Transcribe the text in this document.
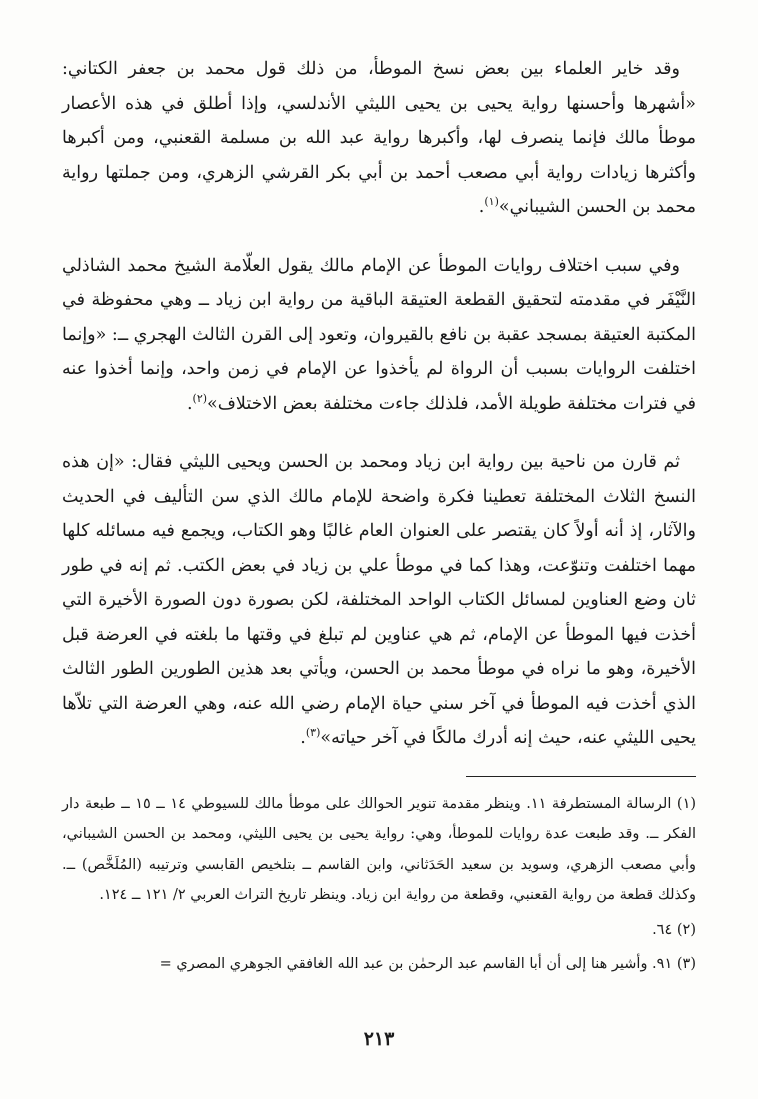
وقد خاير العلماء بين بعض نسخ الموطأ، من ذلك قول محمد بن جعفر الكتاني: «أشهرها وأحسنها رواية يحيى بن يحيى الليثي الأندلسي، وإذا أطلق في هذه الأعصار موطأ مالك فإنما ينصرف لها، وأكبرها رواية عبد الله بن مسلمة القعنبي، ومن أكبرها وأكثرها زيادات رواية أبي مصعب أحمد بن أبي بكر القرشي الزهري، ومن جملتها رواية محمد بن الحسن الشيباني»$^{(١)}$.

وفي سبب اختلاف روايات الموطأ عن الإمام مالك يقول العلّامة الشيخ محمد الشاذلي النَّيْفَر في مقدمته لتحقيق القطعة العتيقة الباقية من رواية ابن زياد ــ وهي محفوظة في المكتبة العتيقة بمسجد عقبة بن نافع بالقيروان، وتعود إلى القرن الثالث الهجري ــ: «وإنما اختلفت الروايات بسبب أن الرواة لم يأخذوا عن الإمام في زمن واحد، وإنما أخذوا عنه في فترات مختلفة طويلة الأمد، فلذلك جاءت مختلفة بعض الاختلاف»$^{(٢)}$.

ثم قارن من ناحية بين رواية ابن زياد ومحمد بن الحسن ويحيى الليثي فقال: «إن هذه النسخ الثلاث المختلفة تعطينا فكرة واضحة للإمام مالك الذي سن التأليف في الحديث والآثار، إذ أنه أولاً كان يقتصر على العنوان العام غالبًا وهو الكتاب، ويجمع فيه مسائله كلها مهما اختلفت وتنوّعت، وهذا كما في موطأ علي بن زياد في بعض الكتب. ثم إنه في طور ثان وضع العناوين لمسائل الكتاب الواحد المختلفة، لكن بصورة دون الصورة الأخيرة التي أخذت فيها الموطأ عن الإمام، ثم هي عناوين لم تبلغ في وقتها ما بلغته في العرضة قبل الأخيرة، وهو ما نراه في موطأ محمد بن الحسن، ويأتي بعد هذين الطورين الطور الثالث الذي أخذت فيه الموطأ في آخر سني حياة الإمام رضي الله عنه، وهي العرضة التي تلاّها يحيى الليثي عنه، حيث إنه أدرك مالكًا في آخر حياته»$^{(٣)}$.

(١) الرسالة المستطرفة ١١. وينظر مقدمة تنوير الحوالك على موطأ مالك للسيوطي ١٤ ــ ١٥ ــ طبعة دار الفكر ــ. وقد طبعت عدة روايات للموطأ، وهي: رواية يحيى بن يحيى الليثي، ومحمد بن الحسن الشيباني، وأبي مصعب الزهري، وسويد بن سعيد الحَدَثاني، وابن القاسم ــ بتلخيص القابسي وترتيبه (المُلَخَّص) ــ. وكذلك قطعة من رواية القعنبي، وقطعة من رواية ابن زياد. وينظر تاريخ التراث العربي ٢/ ١٢١ ــ ١٢٤.

(٢) ٦٤.

(٣) ٩١. وأشير هنا إلى أن أبا القاسم عبد الرحمٰن بن عبد الله الغافقي الجوهري المصري =

٢١٣
